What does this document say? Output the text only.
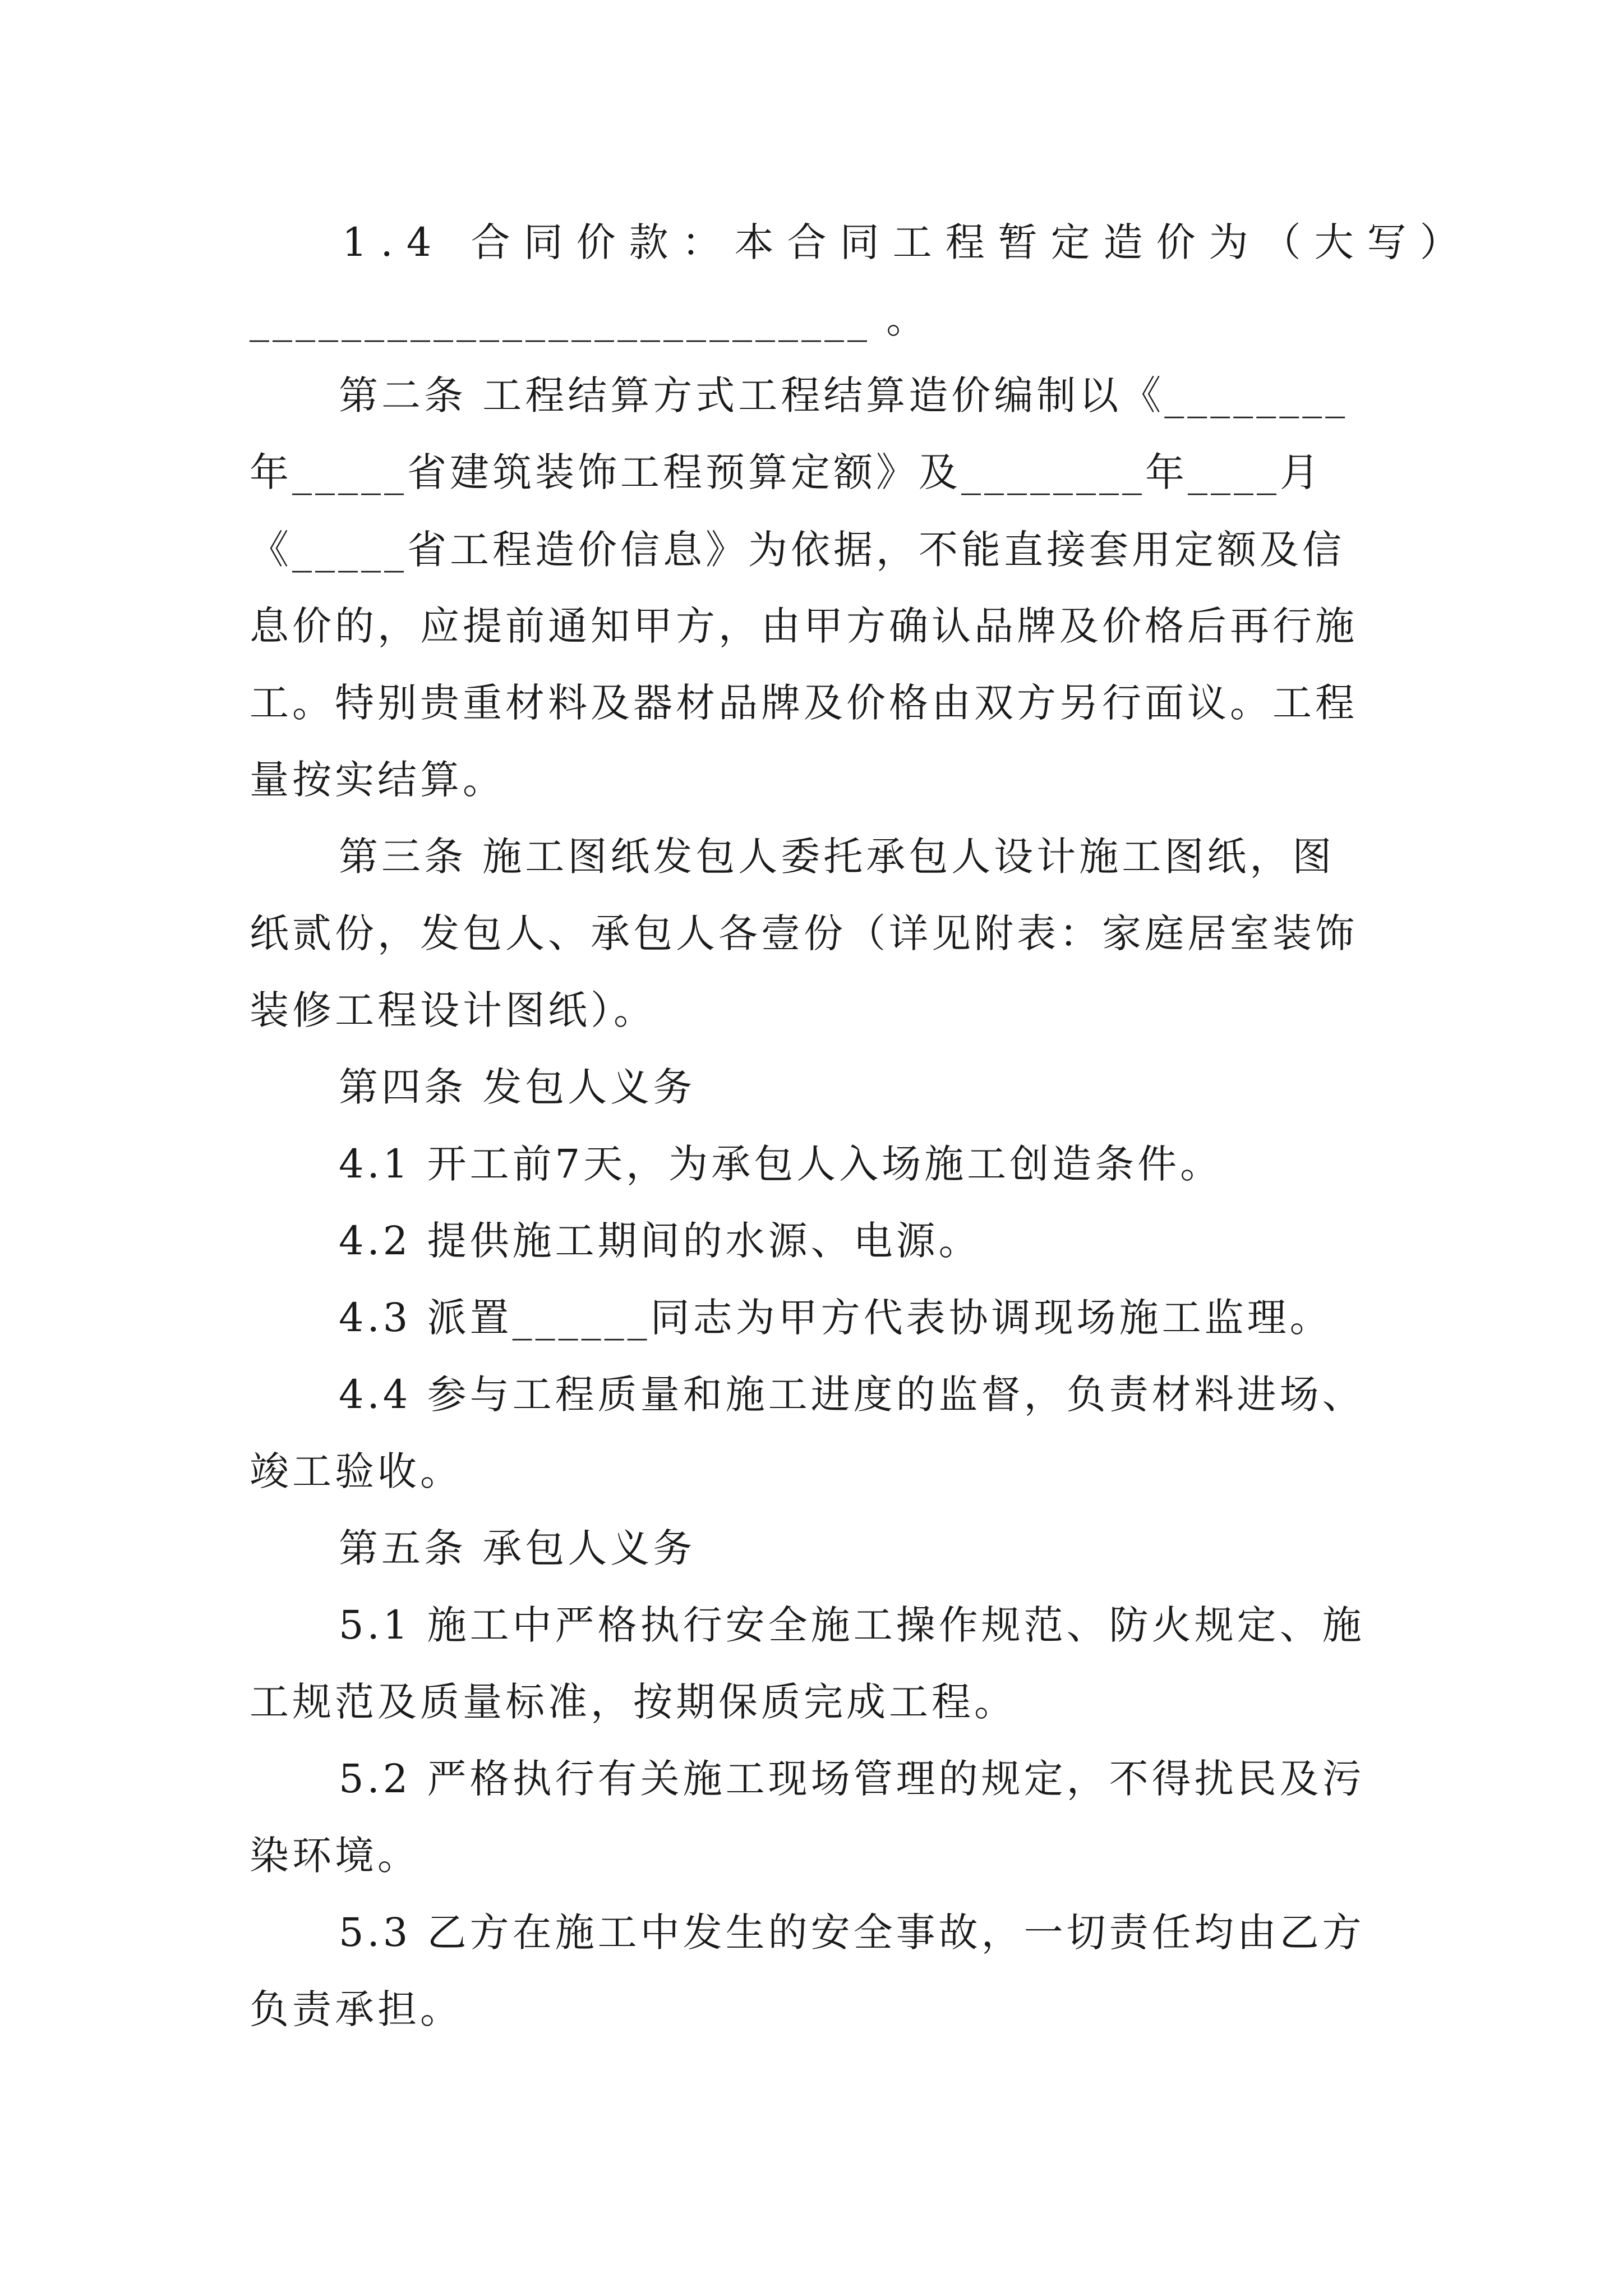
1.4 合同价款：本合同工程暂定造价为（大写）
___________________________ 。
第二条 工程结算方式工程结算造价编制以《________
年_____省建筑装饰工程预算定额》及________年____月
《_____省工程造价信息》为依据，不能直接套用定额及信
息价的，应提前通知甲方，由甲方确认品牌及价格后再行施
工。特别贵重材料及器材品牌及价格由双方另行面议。工程
量按实结算。
第三条 施工图纸发包人委托承包人设计施工图纸，图
纸贰份，发包人、承包人各壹份（详见附表：家庭居室装饰
装修工程设计图纸）。
第四条 发包人义务
4.1 开工前7天，为承包人入场施工创造条件。
4.2 提供施工期间的水源、电源。
4.3 派置______同志为甲方代表协调现场施工监理。
4.4 参与工程质量和施工进度的监督，负责材料进场、
竣工验收。
第五条 承包人义务
5.1 施工中严格执行安全施工操作规范、防火规定、施
工规范及质量标准，按期保质完成工程。
5.2 严格执行有关施工现场管理的规定，不得扰民及污
染环境。
5.3 乙方在施工中发生的安全事故，一切责任均由乙方
负责承担。
